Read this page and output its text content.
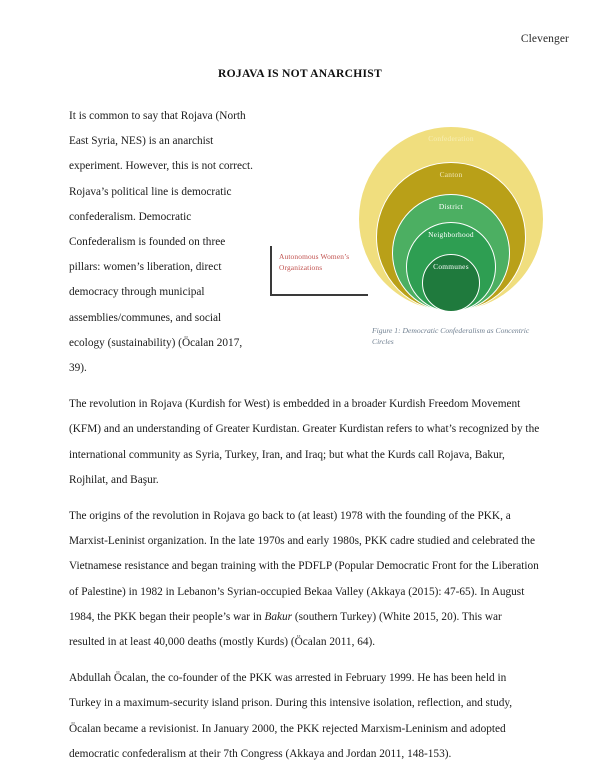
Clevenger
ROJAVA IS NOT ANARCHIST

It is common to say that Rojava (North East Syria, NES) is an anarchist experiment. However, this is not correct. Rojava’s political line is democratic confederalism. Democratic Confederalism is founded on three pillars: women’s liberation, direct democracy through municipal assemblies/communes, and social ecology (sustainability) (Öcalan 2017, 39).

The revolution in Rojava (Kurdish for West) is embedded in a broader Kurdish Freedom Movement (KFM) and an understanding of Greater Kurdistan. Greater Kurdistan refers to what’s recognized by the international community as Syria, Turkey, Iran, and Iraq; but what the Kurds call Rojava, Bakur, Rojhilat, and Başur.

The origins of the revolution in Rojava go back to (at least) 1978 with the founding of the PKK, a Marxist-Leninist organization. In the late 1970s and early 1980s, PKK cadre studied and celebrated the Vietnamese resistance and began training with the PDFLP (Popular Democratic Front for the Liberation of Palestine) in 1982 in Lebanon’s Syrian-occupied Bekaa Valley (Akkaya (2015): 47-65). In August 1984, the PKK began their people’s war in Bakur (southern Turkey) (White 2015, 20). This war resulted in at least 40,000 deaths (mostly Kurds) (Öcalan 2011, 64).

Abdullah Öcalan, the co-founder of the PKK was arrested in February 1999. He has been held in Turkey in a maximum-security island prison. During this intensive isolation, reflection, and study, Öcalan became a revisionist. In January 2000, the PKK rejected Marxism-Leninism and adopted democratic confederalism at their 7th Congress (Akkaya and Jordan 2011, 148-153).

Confederation
Canton
District
Neighborhood
Communes
Autonomous Women’s Organizations
Figure 1: Democratic Confederalism as Concentric Circles
